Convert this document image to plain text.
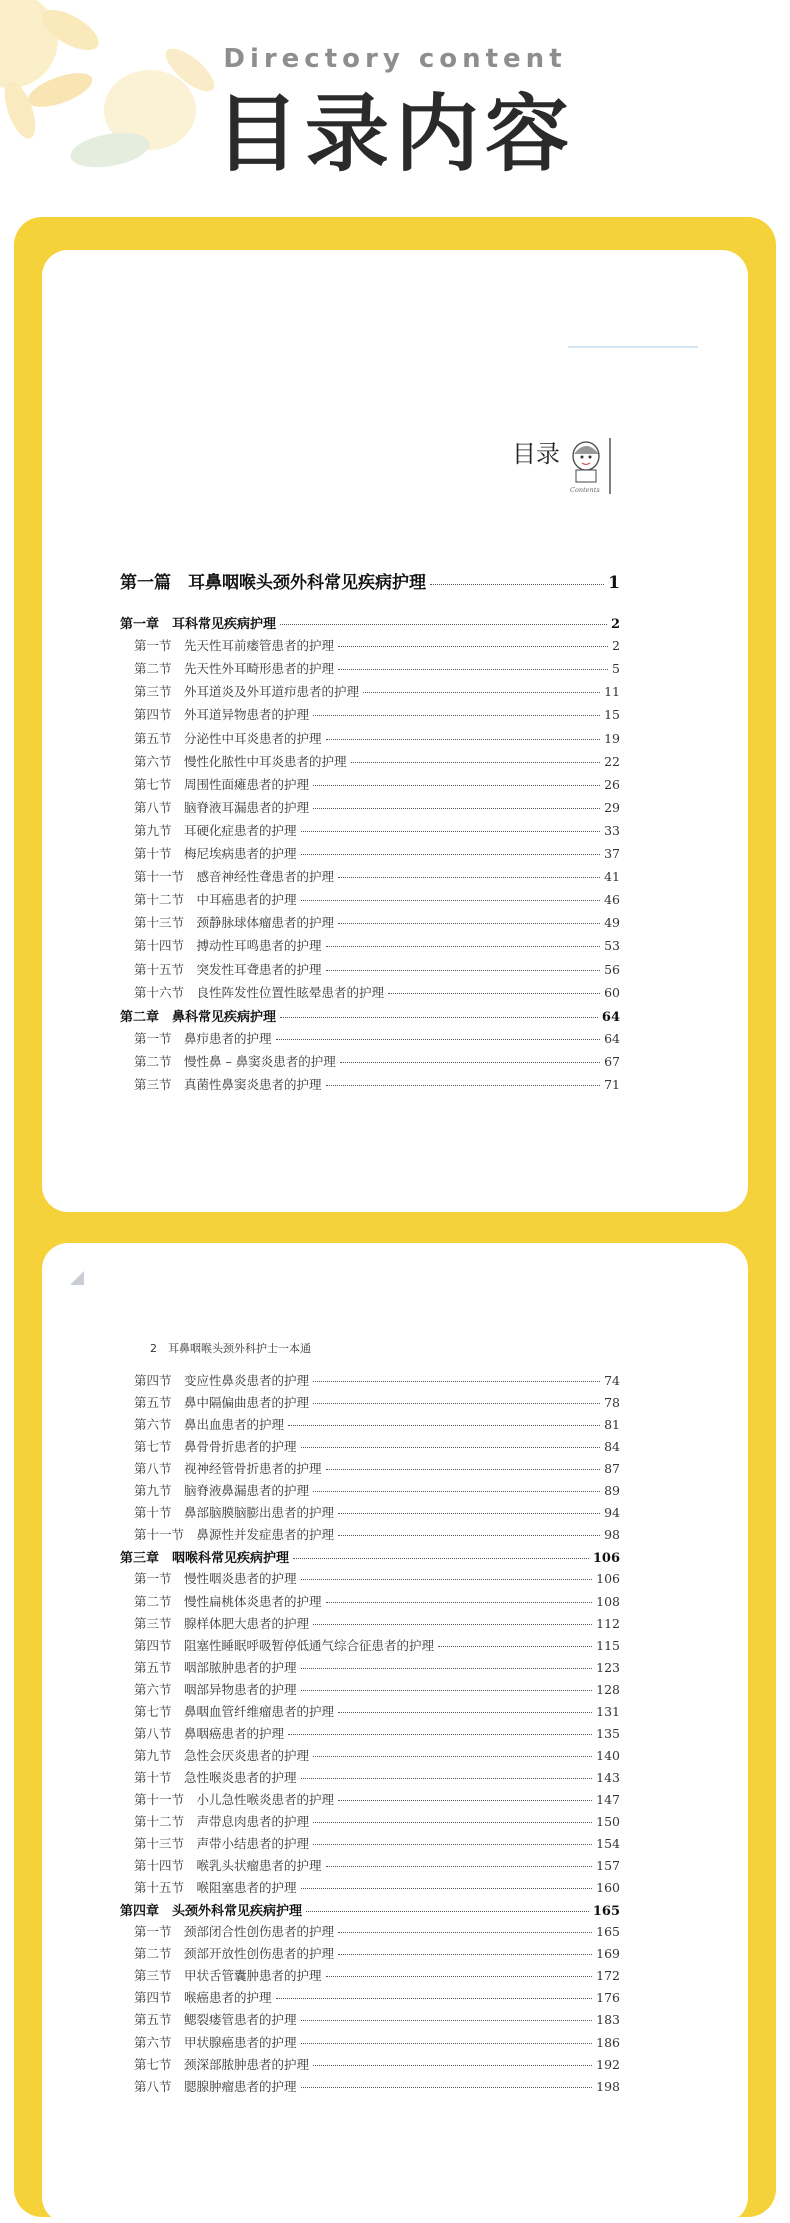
Directory content
目录内容
目录
Contents
第一篇　耳鼻咽喉头颈外科常见疾病护理	1
第一章　耳科常见疾病护理	2
第一节　先天性耳前瘘管患者的护理	2
第二节　先天性外耳畸形患者的护理	5
第三节　外耳道炎及外耳道疖患者的护理	11
第四节　外耳道异物患者的护理	15
第五节　分泌性中耳炎患者的护理	19
第六节　慢性化脓性中耳炎患者的护理	22
第七节　周围性面瘫患者的护理	26
第八节　脑脊液耳漏患者的护理	29
第九节　耳硬化症患者的护理	33
第十节　梅尼埃病患者的护理	37
第十一节　感音神经性聋患者的护理	41
第十二节　中耳癌患者的护理	46
第十三节　颈静脉球体瘤患者的护理	49
第十四节　搏动性耳鸣患者的护理	53
第十五节　突发性耳聋患者的护理	56
第十六节　良性阵发性位置性眩晕患者的护理	60
第二章　鼻科常见疾病护理	64
第一节　鼻疖患者的护理	64
第二节　慢性鼻 – 鼻窦炎患者的护理	67
第三节　真菌性鼻窦炎患者的护理	71
2　耳鼻咽喉头颈外科护士一本通
第四节　变应性鼻炎患者的护理	74
第五节　鼻中隔偏曲患者的护理	78
第六节　鼻出血患者的护理	81
第七节　鼻骨骨折患者的护理	84
第八节　视神经管骨折患者的护理	87
第九节　脑脊液鼻漏患者的护理	89
第十节　鼻部脑膜脑膨出患者的护理	94
第十一节　鼻源性并发症患者的护理	98
第三章　咽喉科常见疾病护理	106
第一节　慢性咽炎患者的护理	106
第二节　慢性扁桃体炎患者的护理	108
第三节　腺样体肥大患者的护理	112
第四节　阻塞性睡眠呼吸暂停低通气综合征患者的护理	115
第五节　咽部脓肿患者的护理	123
第六节　咽部异物患者的护理	128
第七节　鼻咽血管纤维瘤患者的护理	131
第八节　鼻咽癌患者的护理	135
第九节　急性会厌炎患者的护理	140
第十节　急性喉炎患者的护理	143
第十一节　小儿急性喉炎患者的护理	147
第十二节　声带息肉患者的护理	150
第十三节　声带小结患者的护理	154
第十四节　喉乳头状瘤患者的护理	157
第十五节　喉阻塞患者的护理	160
第四章　头颈外科常见疾病护理	165
第一节　颈部闭合性创伤患者的护理	165
第二节　颈部开放性创伤患者的护理	169
第三节　甲状舌管囊肿患者的护理	172
第四节　喉癌患者的护理	176
第五节　鳃裂瘘管患者的护理	183
第六节　甲状腺癌患者的护理	186
第七节　颈深部脓肿患者的护理	192
第八节　腮腺肿瘤患者的护理	198
